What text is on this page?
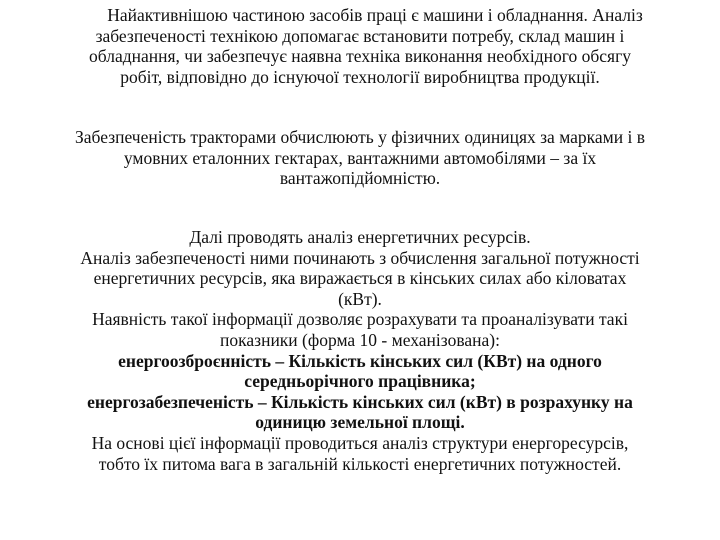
Найактивнішою частиною засобів праці є машини і обладнання. Аналіз
забезпеченості технікою допомагає встановити потребу, склад машин і
обладнання, чи забезпечує наявна техніка виконання необхідного обсягу
робіт, відповідно до існуючої технології виробництва продукції.
Забезпеченість тракторами обчислюють у фізичних одиницях за марками і в
умовних еталонних гектарах, вантажними автомобілями – за їх
вантажопідйомністю.
Далі проводять аналіз енергетичних ресурсів.
Аналіз забезпеченості ними починають з обчислення загальної потужності
енергетичних ресурсів, яка виражається в кінських силах або кіловатах
(кВт).
Наявність такої інформації дозволяє розрахувати та проаналізувати такі
показники (форма 10 - механізована):
енергоозброєнність – Кількість кінських сил (КВт) на одного
середньорічного працівника;
енергозабезпеченість – Кількість кінських сил (кВт) в розрахунку на
одиницю земельної площі.
На основі цієї інформації проводиться аналіз структури енергоресурсів,
тобто їх питома вага в загальній кількості енергетичних потужностей.
